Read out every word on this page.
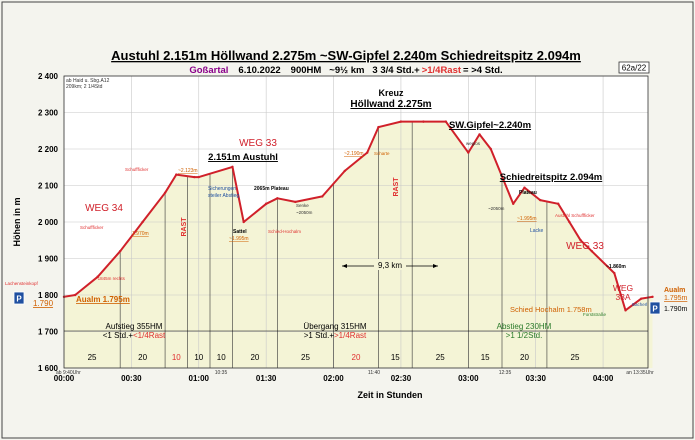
Austuhl 2.151m Höllwand 2.275m ~SW-Gipfel 2.240m Schiedreitspitz 2.094m
Goßartal 6.10.2022 900HM ~9½ km 3 3/4 Std.+ >1/4Rast = >4 Std.	62a/22
25	20	10 10 10	20	25	20	15	25	15	20	25
1 600
1 700
1 800
1 900
2 000
2 100
2 200
2 300
2 400
00:00	00:30	01:00	01:30	02:00	02:30	03:00	03:30	04:00
ab Haid u. Sbg.A12
209km; 2 1/4Std
Zeit in Stunden
Höhen in m
2.151m Austuhl
Kreuz
Höllwand 2.275m
SW.Gipfel~2.240m
Schiedreitspitz 2.094m
WEG 34
WEG 33
WEG 33
WEG
33A
RAST
RAST
9,3 km
Aufstieg 355HM
<1 Std.+<1/4Rast
Übergang 315HM
>1 Std.+>1/4Rast
Abstieg 230HM
>1 1/2Std.
ab 9:40Uhr	10:35	11:40	12:35	an 13:35Uhr
Aualm 1.795m
1.790
P
Aualm
1.795m
1.790m
P
Lachensteinkopf
~1845m rechts
1.970m
Schuffficker
Schuffficker	~2.123m
Sicherungen
steiler Abstieg
2065m Plateau
Senke
~2050m
Sattel
~1.995m
Schied-Hochalm
~2.190m Scharte
weglos
~2050m
Plateau
~1.995m
Austuhl Schuffficker
Lacke
~1.860m
Schied Hochalm 1.758m
Forststraße
Bacherl
